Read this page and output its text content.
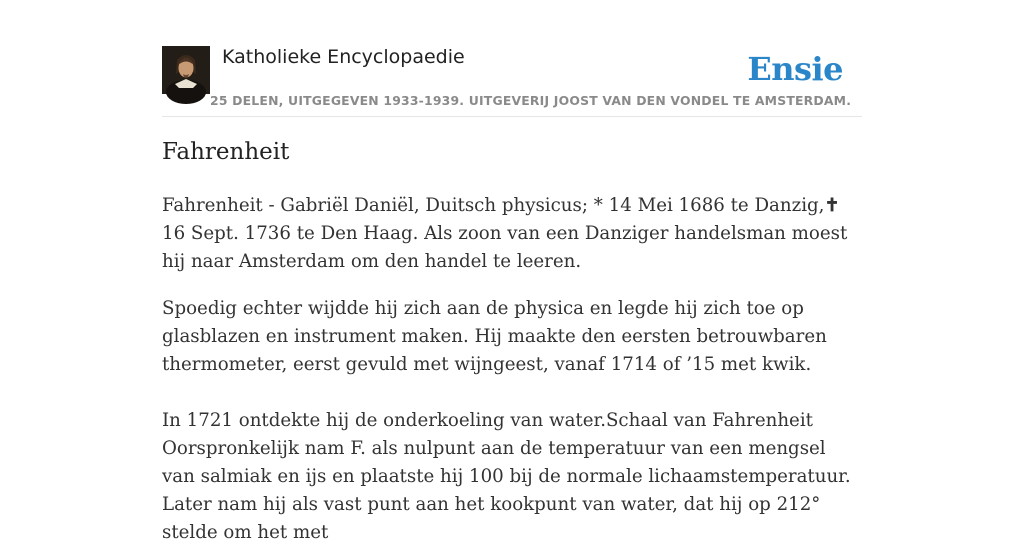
Katholieke Encyclopaedie
25 DELEN, UITGEGEVEN 1933-1939. UITGEVERIJ JOOST VAN DEN VONDEL TE AMSTERDAM.
Ensie
Fahrenheit

Fahrenheit - Gabriël Daniël, Duitsch physicus; * 14 Mei 1686 te Danzig,✝ 16 Sept. 1736 te Den Haag. Als zoon van een Danziger handelsman moest hij naar Amsterdam om den handel te leeren.

Spoedig echter wijdde hij zich aan de physica en legde hij zich toe op glasblazen en instrument maken. Hij maakte den eersten betrouwbaren thermometer, eerst gevuld met wijngeest, vanaf 1714 of ’15 met kwik.

In 1721 ontdekte hij de onderkoeling van water.Schaal van Fahrenheit
Oorspronkelijk nam F. als nulpunt aan de temperatuur van een mengsel van salmiak en ijs en plaatste hij 100 bij de normale lichaamstemperatuur. Later nam hij als vast punt aan het kookpunt van water, dat hij op 212° stelde om het met
